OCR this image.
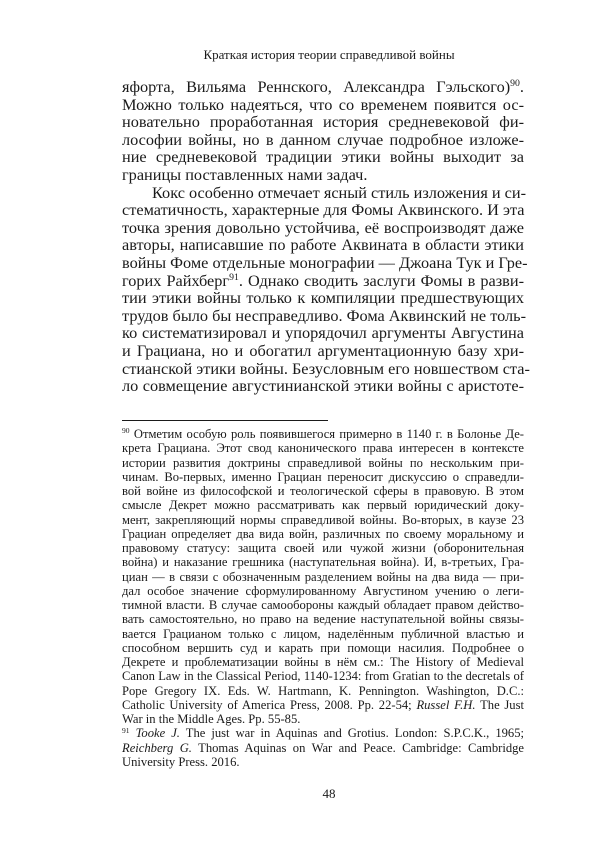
Краткая история теории справедливой войны
яфорта, Вильяма Реннского, Александра Гэльского)$^{90}$.
Можно только надеяться, что со временем появится ос-
новательно проработанная история средневековой фи-
лософии войны, но в данном случае подробное изложе-
ние средневековой традиции этики войны выходит за
границы поставленных нами задач.
Кокс особенно отмечает ясный стиль изложения и си-
стематичность, характерные для Фомы Аквинского. И эта
точка зрения довольно устойчива, её воспроизводят даже
авторы, написавшие по работе Аквината в области этики
войны Фоме отдельные монографии — Джоана Тук и Гре-
горих Райхберг$^{91}$. Однако сводить заслуги Фомы в разви-
тии этики войны только к компиляции предшествующих
трудов было бы несправедливо. Фома Аквинский не толь-
ко систематизировал и упорядочил аргументы Августина
и Грациана, но и обогатил аргументационную базу хри-
стианской этики войны. Безусловным его новшеством ста-
ло совмещение августинианской этики войны с аристоте-
$^{90}$ Отметим особую роль появившегося примерно в 1140 г. в Болонье Де-
крета Грациана. Этот свод канонического права интересен в контексте
истории развития доктрины справедливой войны по нескольким при-
чинам. Во-первых, именно Грациан переносит дискуссию о справедли-
вой войне из философской и теологической сферы в правовую. В этом
смысле Декрет можно рассматривать как первый юридический доку-
мент, закрепляющий нормы справедливой войны. Во-вторых, в каузе 23
Грациан определяет два вида войн, различных по своему моральному и
правовому статусу: защита своей или чужой жизни (оборонительная
война) и наказание грешника (наступательная война). И, в-третьих, Гра-
циан — в связи с обозначенным разделением войны на два вида — при-
дал особое значение сформулированному Августином учению о леги-
тимной власти. В случае самообороны каждый обладает правом действо-
вать самостоятельно, но право на ведение наступательной войны связы-
вается Грацианом только с лицом, наделённым публичной властью и
способном вершить суд и карать при помощи насилия. Подробнее о
Декрете и проблематизации войны в нём см.: The History of Medieval
Canon Law in the Classical Period, 1140-1234: from Gratian to the decretals of
Pope Gregory IX. Eds. W. Hartmann, K. Pennington. Washington, D.C.:
Catholic University of America Press, 2008. Pp. 22-54; Russel F.H. The Just
War in the Middle Ages. Pp. 55-85.
$^{91}$ Tooke J. The just war in Aquinas and Grotius. London: S.P.C.K., 1965;
Reichberg G. Thomas Aquinas on War and Peace. Cambridge: Cambridge
University Press. 2016.
48
